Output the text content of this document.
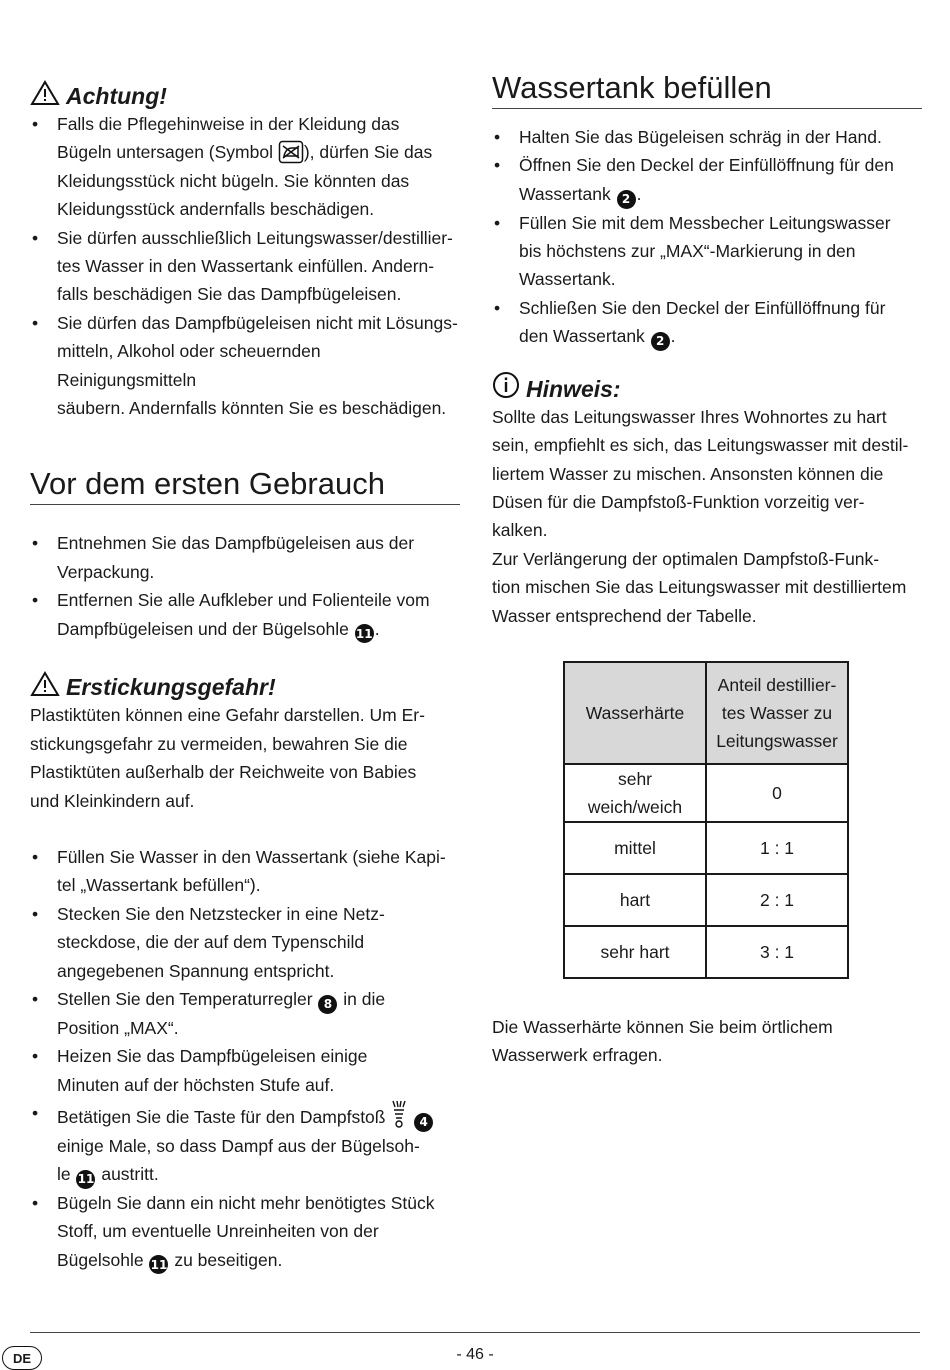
Achtung!
• Falls die Pflegehinweise in der Kleidung das
Bügeln untersagen (Symbol ), dürfen Sie das
Kleidungsstück nicht bügeln. Sie könnten das
Kleidungsstück andernfalls beschädigen.
• Sie dürfen ausschließlich Leitungswasser/destillier-
tes Wasser in den Wassertank einfüllen. Andern-
falls beschädigen Sie das Dampfbügeleisen.
• Sie dürfen das Dampfbügeleisen nicht mit Lösungs-
mitteln, Alkohol oder scheuernden Reinigungsmitteln
säubern. Andernfalls könnten Sie es beschädigen.
Vor dem ersten Gebrauch
• Entnehmen Sie das Dampfbügeleisen aus der
Verpackung.
• Entfernen Sie alle Aufkleber und Folienteile vom
Dampfbügeleisen und der Bügelsohle 11 .
Erstickungsgefahr!

Plastiktüten können eine Gefahr darstellen. Um Er-
stickungsgefahr zu vermeiden, bewahren Sie die
Plastiktüten außerhalb der Reichweite von Babies
und Kleinkindern auf.

• Füllen Sie Wasser in den Wassertank (siehe Kapi-
tel „Wassertank befüllen“).
• Stecken Sie den Netzstecker in eine Netz-
steckdose, die der auf dem Typenschild
angegebenen Spannung entspricht.
• Stellen Sie den Temperaturregler 8 in die
Position „MAX“.
• Heizen Sie das Dampfbügeleisen einige
Minuten auf der höchsten Stufe auf.
• Betätigen Sie die Taste für den Dampfstoß  4
einige Male, so dass Dampf aus der Bügelsoh-
le 11 austritt.
• Bügeln Sie dann ein nicht mehr benötigtes Stück
Stoff, um eventuelle Unreinheiten von der
Bügelsohle 11 zu beseitigen.
Wassertank befüllen
• Halten Sie das Bügeleisen schräg in der Hand.
• Öffnen Sie den Deckel der Einfüllöffnung für den
Wassertank 2 .
• Füllen Sie mit dem Messbecher Leitungswasser
bis höchstens zur „MAX“-Markierung in den
Wassertank.
• Schließen Sie den Deckel der Einfüllöffnung für
den Wassertank 2 .
Hinweis:

Sollte das Leitungswasser Ihres Wohnortes zu hart
sein, empfiehlt es sich, das Leitungswasser mit destil-
liertem Wasser zu mischen. Ansonsten können die
Düsen für die Dampfstoß-Funktion vorzeitig ver-
kalken.
Zur Verlängerung der optimalen Dampfstoß-Funk-
tion mischen Sie das Leitungswasser mit destilliertem
Wasser entsprechend der Tabelle.

Wasserhärte	Anteil destillier-
tes Wasser zu
Leitungswasser
sehr
weich/weich	0
mittel	1 : 1
hart	2 : 1
sehr hart	3 : 1

Die Wasserhärte können Sie beim örtlichem
Wasserwerk erfragen.

DE	- 46 -
